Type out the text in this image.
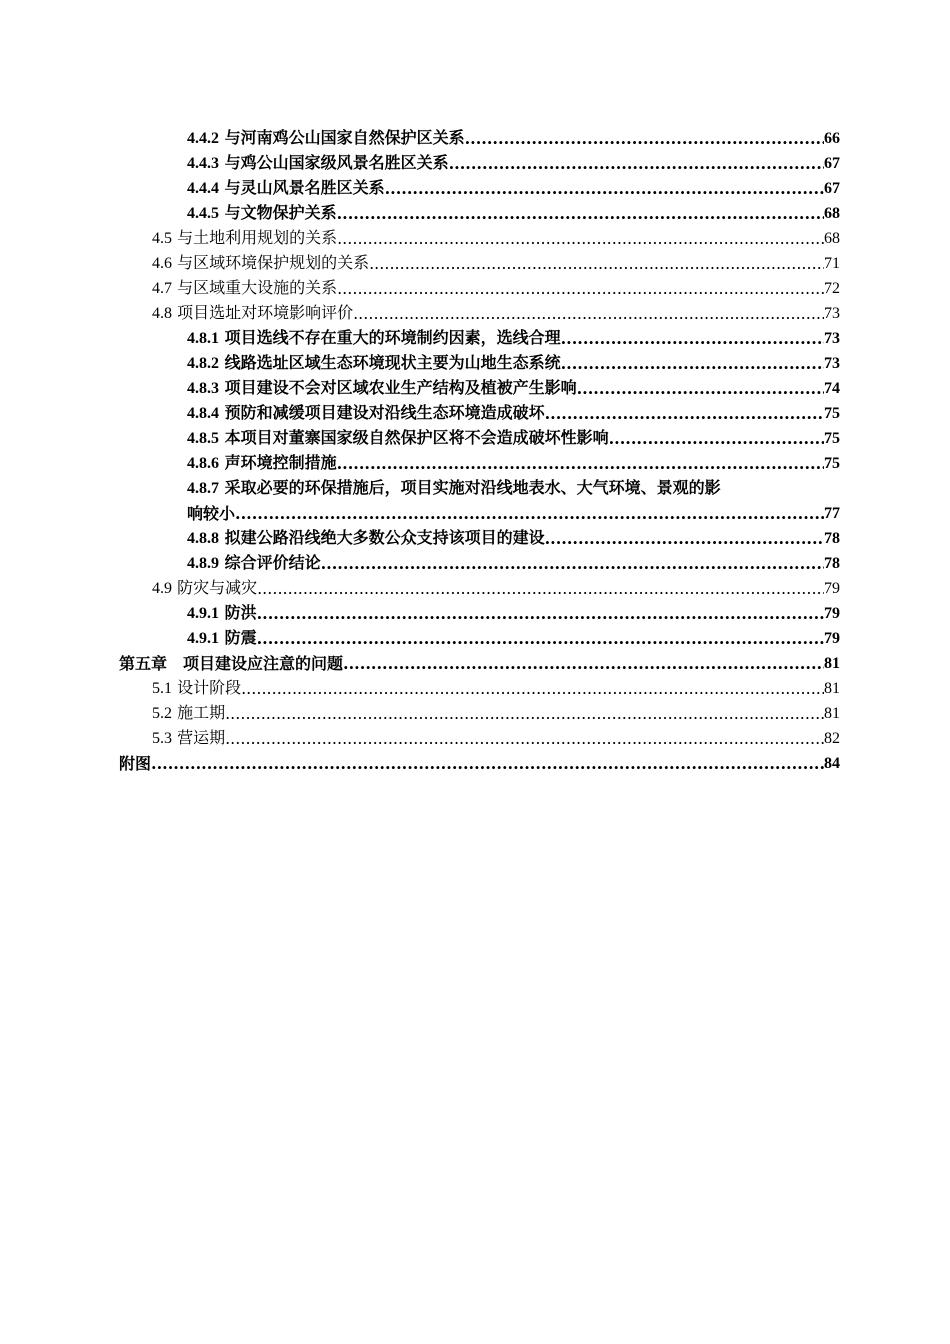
4.4.2 与河南鸡公山国家自然保护区关系 .....	66
4.4.3 与鸡公山国家级风景名胜区关系 .....	67
4.4.4 与灵山风景名胜区关系 .....	67
4.4.5 与文物保护关系 .....	68
4.5 与土地利用规划的关系 .....	68
4.6 与区域环境保护规划的关系 .....	71
4.7 与区域重大设施的关系 .....	72
4.8 项目选址对环境影响评价 .....	73
4.8.1 项目选线不存在重大的环境制约因素，选线合理 .....	73
4.8.2 线路选址区域生态环境现状主要为山地生态系统 .....	73
4.8.3 项目建设不会对区域农业生产结构及植被产生影响 .....	74
4.8.4 预防和减缓项目建设对沿线生态环境造成破坏 .....	75
4.8.5 本项目对董寨国家级自然保护区将不会造成破坏性影响 .....	75
4.8.6 声环境控制措施 .....	75
4.8.7 采取必要的环保措施后，项目实施对沿线地表水、大气环境、景观的影
响较小 .....	77
4.8.8 拟建公路沿线绝大多数公众支持该项目的建设 .....	78
4.8.9 综合评价结论 .....	78
4.9 防灾与减灾 .....	79
4.9.1 防洪 .....	79
4.9.1 防震 .....	79
第五章　项目建设应注意的问题 .....	81
5.1 设计阶段 .....	81
5.2 施工期 .....	81
5.3 营运期 .....	82
附图 .....	84
